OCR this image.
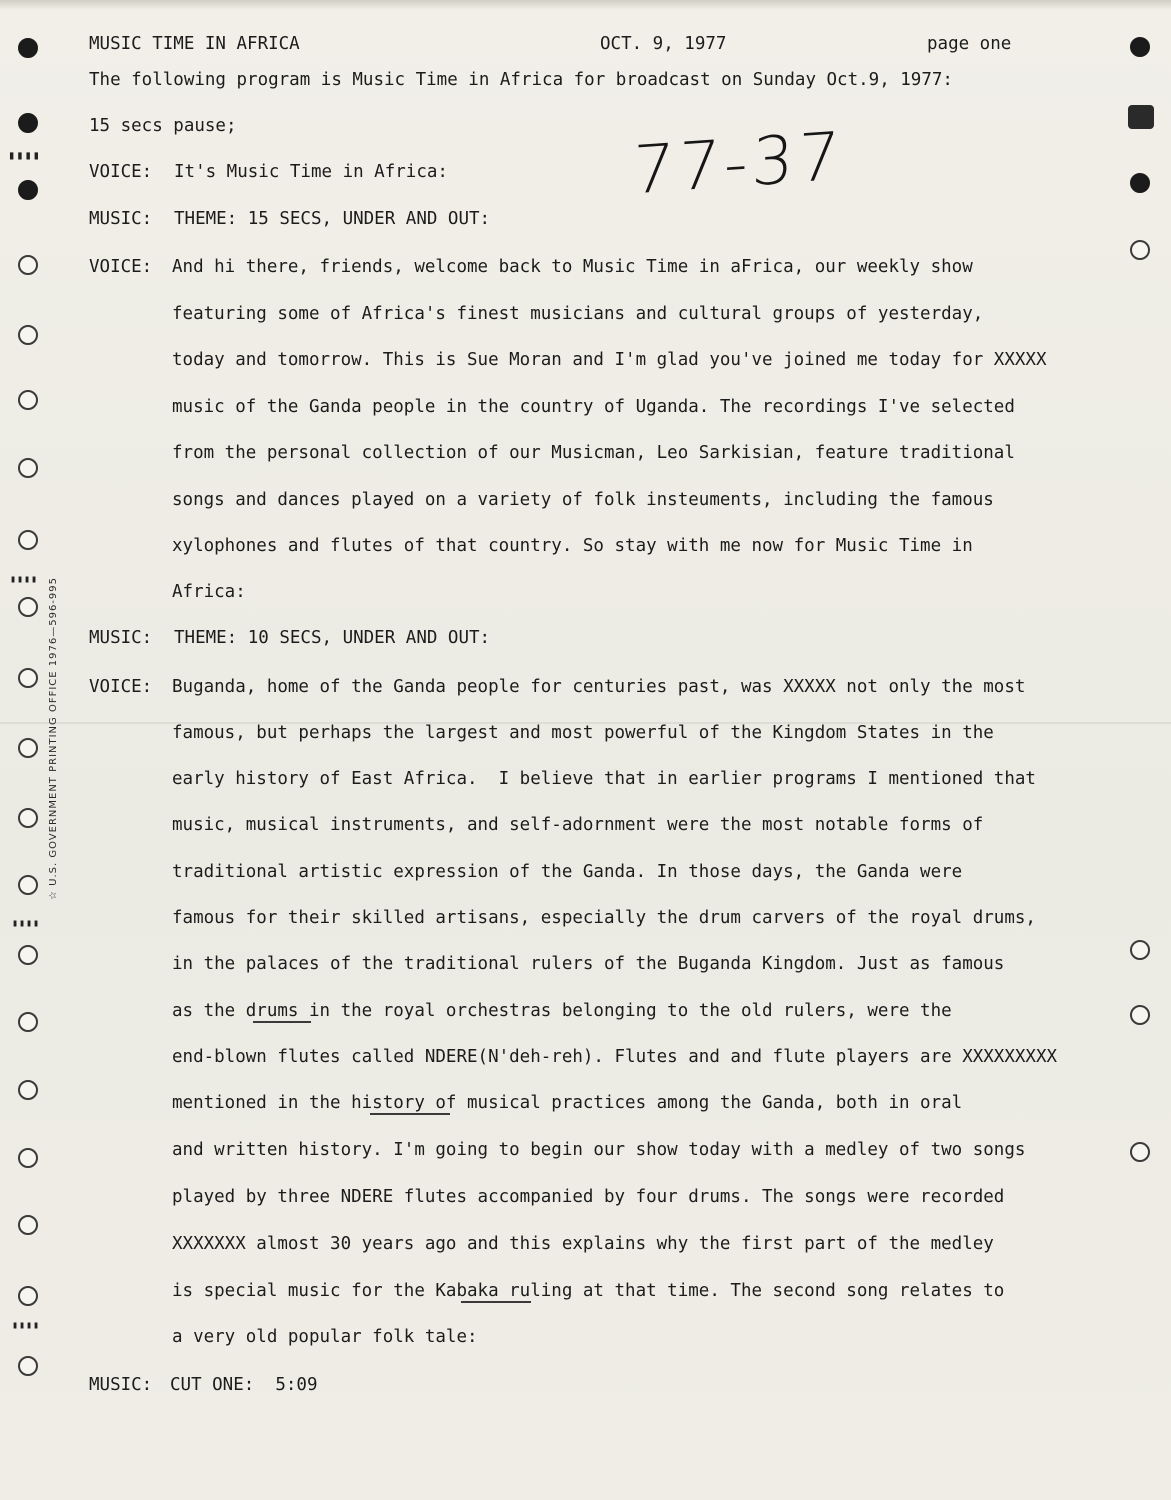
▮▮▮▮
▮▮▮▮
▮▮▮▮
▮▮▮▮
☆ U.S. GOVERNMENT PRINTING OFFICE 1976—596-995
77-37
MUSIC TIME IN AFRICA	OCT. 9, 1977	page one
The following program is Music Time in Africa for broadcast on Sunday Oct.9, 1977:
15 secs pause;
VOICE:	It's Music Time in Africa:
MUSIC:	THEME: 15 SECS, UNDER AND OUT:
VOICE:	And hi there, friends, welcome back to Music Time in aFrica, our weekly show
featuring some of Africa's finest musicians and cultural groups of yesterday,
today and tomorrow. This is Sue Moran and I'm glad you've joined me today for XXXXX
music of the Ganda people in the country of Uganda. The recordings I've selected
from the personal collection of our Musicman, Leo Sarkisian, feature traditional
songs and dances played on a variety of folk insteuments, including the famous
xylophones and flutes of that country. So stay with me now for Music Time in
Africa:
MUSIC:	THEME: 10 SECS, UNDER AND OUT:
VOICE:	Buganda, home of the Ganda people for centuries past, was XXXXX not only the most
famous, but perhaps the largest and most powerful of the Kingdom States in the
early history of East Africa.  I believe that in earlier programs I mentioned that
music, musical instruments, and self-adornment were the most notable forms of
traditional artistic expression of the Ganda. In those days, the Ganda were
famous for their skilled artisans, especially the drum carvers of the royal drums,
in the palaces of the traditional rulers of the Buganda Kingdom. Just as famous
as the drums in the royal orchestras belonging to the old rulers, were the
end-blown flutes called NDERE(N'deh-reh). Flutes and and flute players are XXXXXXXXX
mentioned in the history of musical practices among the Ganda, both in oral
and written history. I'm going to begin our show today with a medley of two songs
played by three NDERE flutes accompanied by four drums. The songs were recorded
XXXXXXX almost 30 years ago and this explains why the first part of the medley
is special music for the Kabaka ruling at that time. The second song relates to
a very old popular folk tale:
MUSIC:	CUT ONE:  5:09
